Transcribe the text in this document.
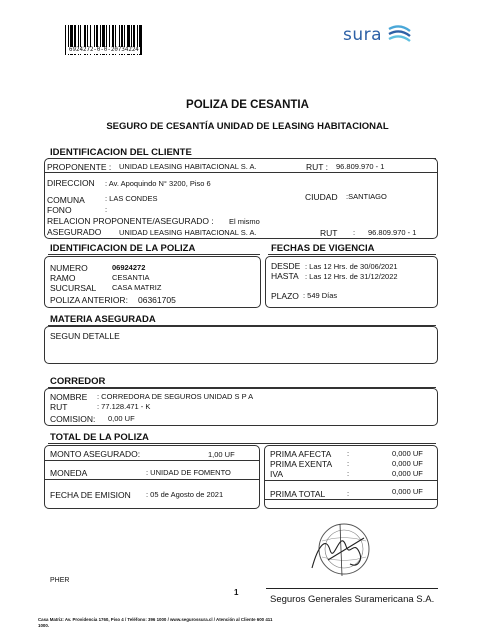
6924272-0-0-20734224
sura
POLIZA DE CESANTIA
SEGURO DE CESANTÍA UNIDAD DE LEASING HABITACIONAL
IDENTIFICACION DEL CLIENTE
PROPONENTE : UNIDAD LEASING HABITACIONAL S. A.	RUT : 96.809.970 - 1
DIRECCION : Av. Apoquindo N° 3200, Piso 6
COMUNA	: LAS CONDES	CIUDAD :SANTIAGO
FONO	:
RELACION PROPONENTE/ASEGURADO : El mismo
ASEGURADO UNIDAD LEASING HABITACIONAL S. A.	RUT : 96.809.970 - 1
IDENTIFICACION DE LA POLIZA
NUMERO	06924272
RAMO	CESANTIA
SUCURSAL CASA MATRIZ
POLIZA ANTERIOR: 06361705
FECHAS DE VIGENCIA
DESDE : Las 12 Hrs. de 30/06/2021
HASTA : Las 12 Hrs. de 31/12/2022
PLAZO : 549 Días
MATERIA ASEGURADA
SEGUN DETALLE
CORREDOR
NOMBRE : CORREDORA DE SEGUROS UNIDAD S P A
RUT	: 77.128.471 - K
COMISION: 0,00 UF
TOTAL DE LA POLIZA
MONTO ASEGURADO:	1,00 UF
MONEDA	: UNIDAD DE FOMENTO
FECHA DE EMISION : 05 de Agosto de 2021
PRIMA AFECTA :	0,000 UF
PRIMA EXENTA :	0,000 UF
IVA	:	0,000 UF
PRIMA TOTAL	:	0,000 UF
PHER
1
Seguros Generales Suramericana S.A.
Casa Matriz: Av. Providencia 1760, Piso 4 / Teléfono: 396 1000 / www.segurossura.cl / Atención al Cliente 600 411
1000.
